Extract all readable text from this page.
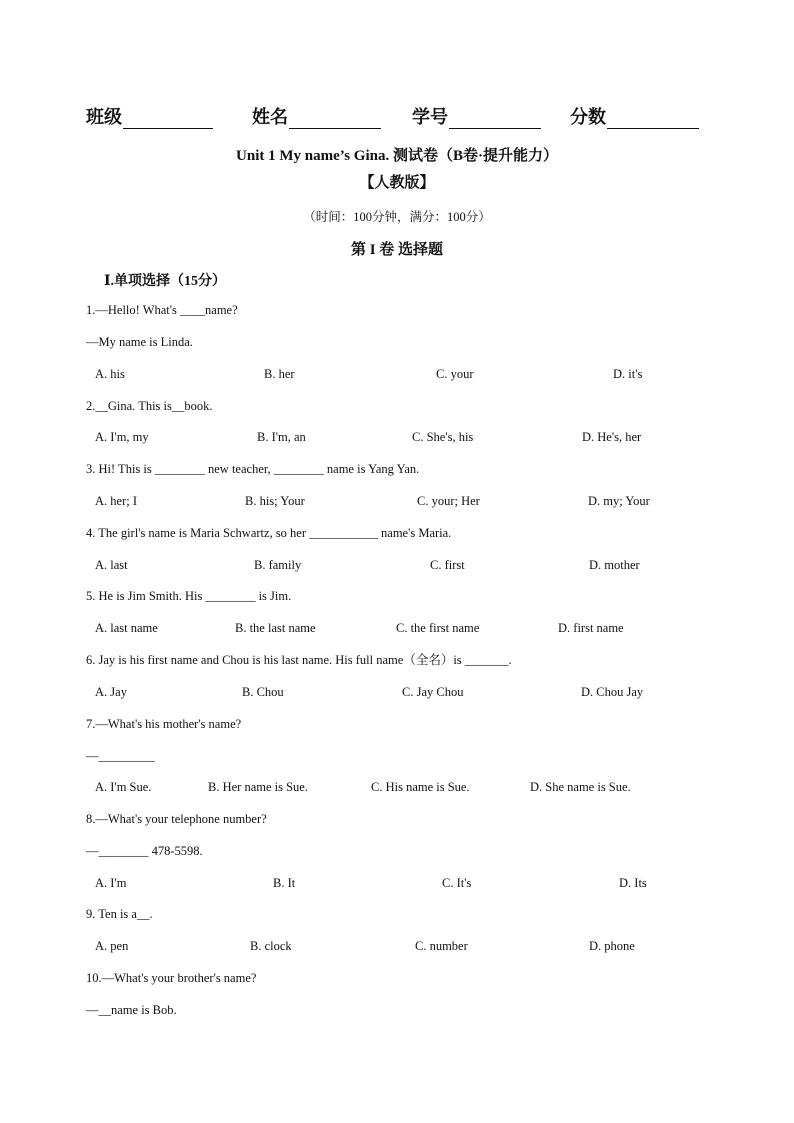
班级	姓名	学号	分数
Unit 1 My name’s Gina. 测试卷（B卷·提升能力）
【人教版】
（时间：100分钟，满分：100分）
第 I 卷 选择题
Ⅰ.单项选择（15分）
1.—Hello! What's ____name?
—My name is Linda.
A. his	B. her	C. your	D. it's
2.__Gina. This is__book.
A. I'm, my	B. I'm, an	C. She's, his	D. He's, her
3. Hi! This is ________ new teacher, ________ name is Yang Yan.
A. her; I	B. his; Your	C. your; Her	D. my; Your
4. The girl's name is Maria Schwartz, so her ___________ name's Maria.
A. last	B. family	C. first	D. mother
5. He is Jim Smith. His ________ is Jim.
A. last name	B. the last name	C. the first name	D. first name
6. Jay is his first name and Chou is his last name. His full name（全名）is _______.
A. Jay	B. Chou	C. Jay Chou	D. Chou Jay
7.—What's his mother's name?
—_________
A. I'm Sue.	B. Her name is Sue.	C. His name is Sue.	D. She name is Sue.
8.—What's your telephone number?
—________ 478-5598.
A. I'm	B. It	C. It's	D. Its
9. Ten is a__.
A. pen	B. clock	C. number	D. phone
10.—What's your brother's name?
—__name is Bob.
